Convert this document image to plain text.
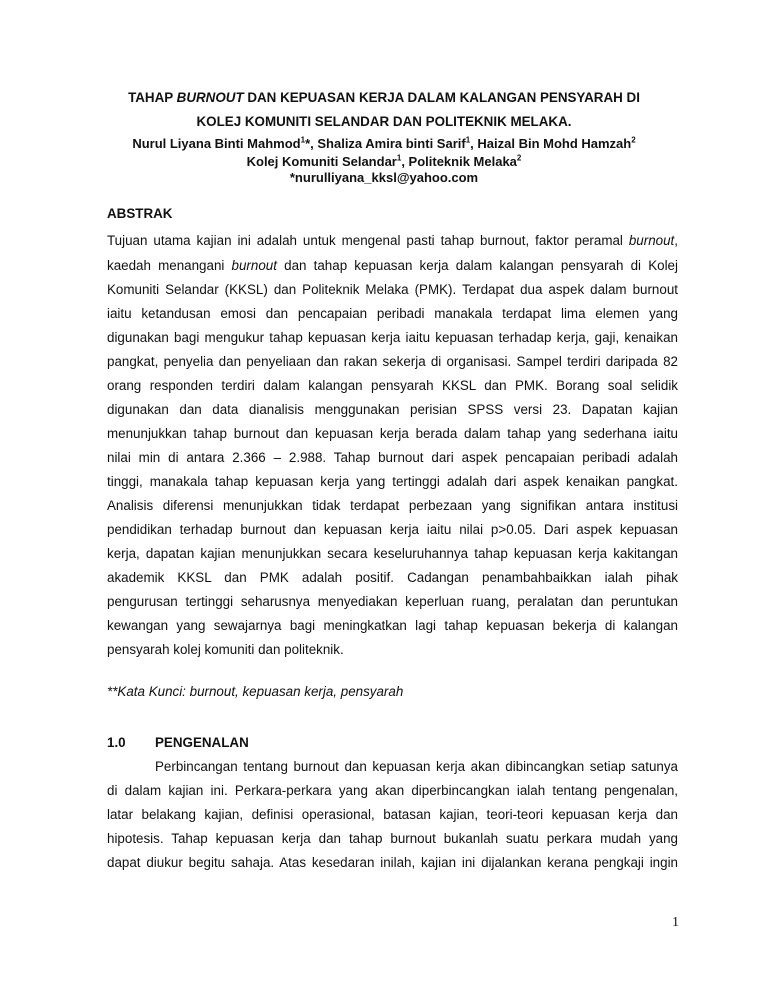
TAHAP BURNOUT DAN KEPUASAN KERJA DALAM KALANGAN PENSYARAH DI
KOLEJ KOMUNITI SELANDAR DAN POLITEKNIK MELAKA.
Nurul Liyana Binti Mahmod$^1$*, Shaliza Amira binti Sarif$^1$, Haizal Bin Mohd Hamzah$^2$
Kolej Komuniti Selandar$^1$, Politeknik Melaka$^2$
*nurulliyana_kksl@yahoo.com
ABSTRAK
Tujuan utama kajian ini adalah untuk mengenal pasti tahap burnout, faktor peramal burnout,
kaedah menangani burnout dan tahap kepuasan kerja dalam kalangan pensyarah di Kolej
Komuniti Selandar (KKSL) dan Politeknik Melaka (PMK). Terdapat dua aspek dalam burnout
iaitu ketandusan emosi dan pencapaian peribadi manakala terdapat lima elemen yang
digunakan bagi mengukur tahap kepuasan kerja iaitu kepuasan terhadap kerja, gaji, kenaikan
pangkat, penyelia dan penyeliaan dan rakan sekerja di organisasi. Sampel terdiri daripada 82
orang responden terdiri dalam kalangan pensyarah KKSL dan PMK. Borang soal selidik
digunakan dan data dianalisis menggunakan perisian SPSS versi 23. Dapatan kajian
menunjukkan tahap burnout dan kepuasan kerja berada dalam tahap yang sederhana iaitu
nilai min di antara 2.366 – 2.988. Tahap burnout dari aspek pencapaian peribadi adalah
tinggi, manakala tahap kepuasan kerja yang tertinggi adalah dari aspek kenaikan pangkat.
Analisis diferensi menunjukkan tidak terdapat perbezaan yang signifikan antara institusi
pendidikan terhadap burnout dan kepuasan kerja iaitu nilai p>0.05. Dari aspek kepuasan
kerja, dapatan kajian menunjukkan secara keseluruhannya tahap kepuasan kerja kakitangan
akademik KKSL dan PMK adalah positif. Cadangan penambahbaikkan ialah pihak
pengurusan tertinggi seharusnya menyediakan keperluan ruang, peralatan dan peruntukan
kewangan yang sewajarnya bagi meningkatkan lagi tahap kepuasan bekerja di kalangan
pensyarah kolej komuniti dan politeknik.
**Kata Kunci: burnout, kepuasan kerja, pensyarah
1.0 PENGENALAN
Perbincangan tentang burnout dan kepuasan kerja akan dibincangkan setiap satunya
di dalam kajian ini. Perkara-perkara yang akan diperbincangkan ialah tentang pengenalan,
latar belakang kajian, definisi operasional, batasan kajian, teori-teori kepuasan kerja dan
hipotesis. Tahap kepuasan kerja dan tahap burnout bukanlah suatu perkara mudah yang
dapat diukur begitu sahaja. Atas kesedaran inilah, kajian ini dijalankan kerana pengkaji ingin
1
